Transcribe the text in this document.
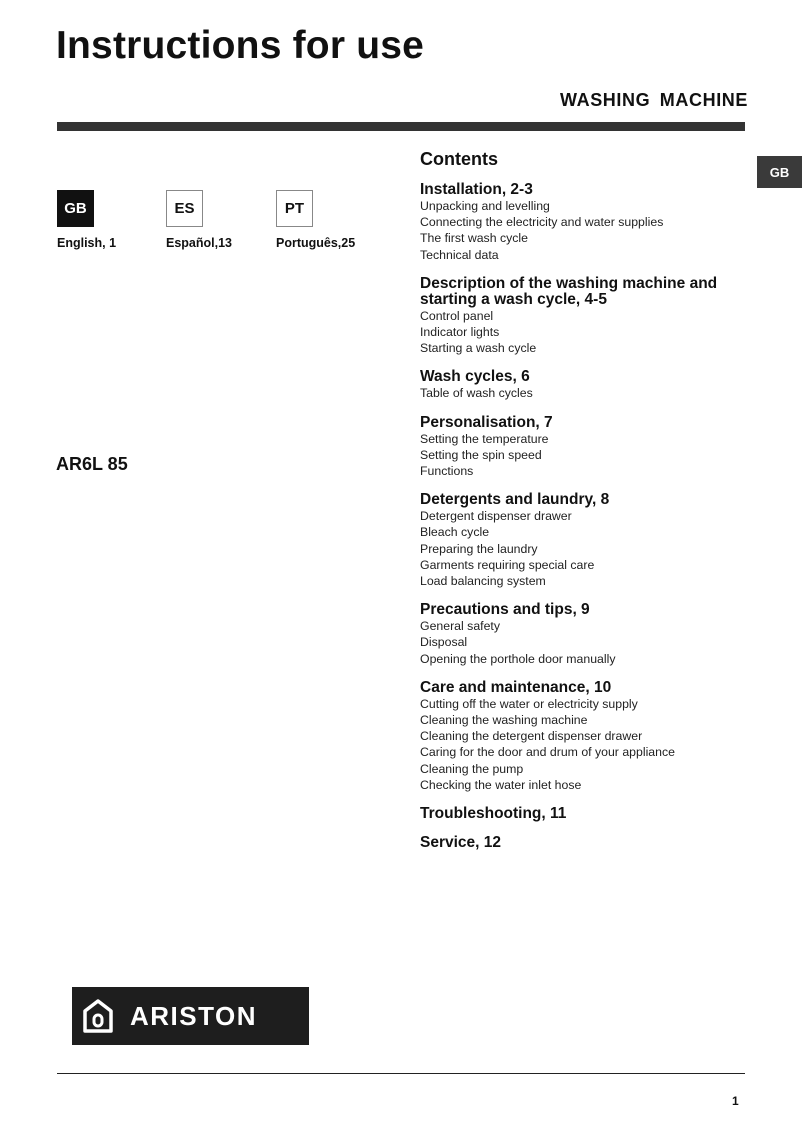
Instructions for use
WASHING MACHINE
GB
GB
English, 1
ES
Español,13
PT
Português,25
AR6L 85
Contents
Installation, 2-3
Unpacking and levelling
Connecting the electricity and water supplies
The first wash cycle
Technical data
Description of the washing machine and starting a wash cycle, 4-5
Control panel
Indicator lights
Starting a wash cycle
Wash cycles, 6
Table of wash cycles
Personalisation, 7
Setting the temperature
Setting the spin speed
Functions
Detergents and laundry, 8
Detergent dispenser drawer
Bleach cycle
Preparing the laundry
Garments requiring special care
Load balancing system
Precautions and tips, 9
General safety
Disposal
Opening the porthole door manually
Care and maintenance, 10
Cutting off the water or electricity supply
Cleaning the washing machine
Cleaning the detergent dispenser drawer
Caring for the door and drum of your appliance
Cleaning the pump
Checking the water inlet hose
Troubleshooting, 11
Service, 12
ARISTON
1
